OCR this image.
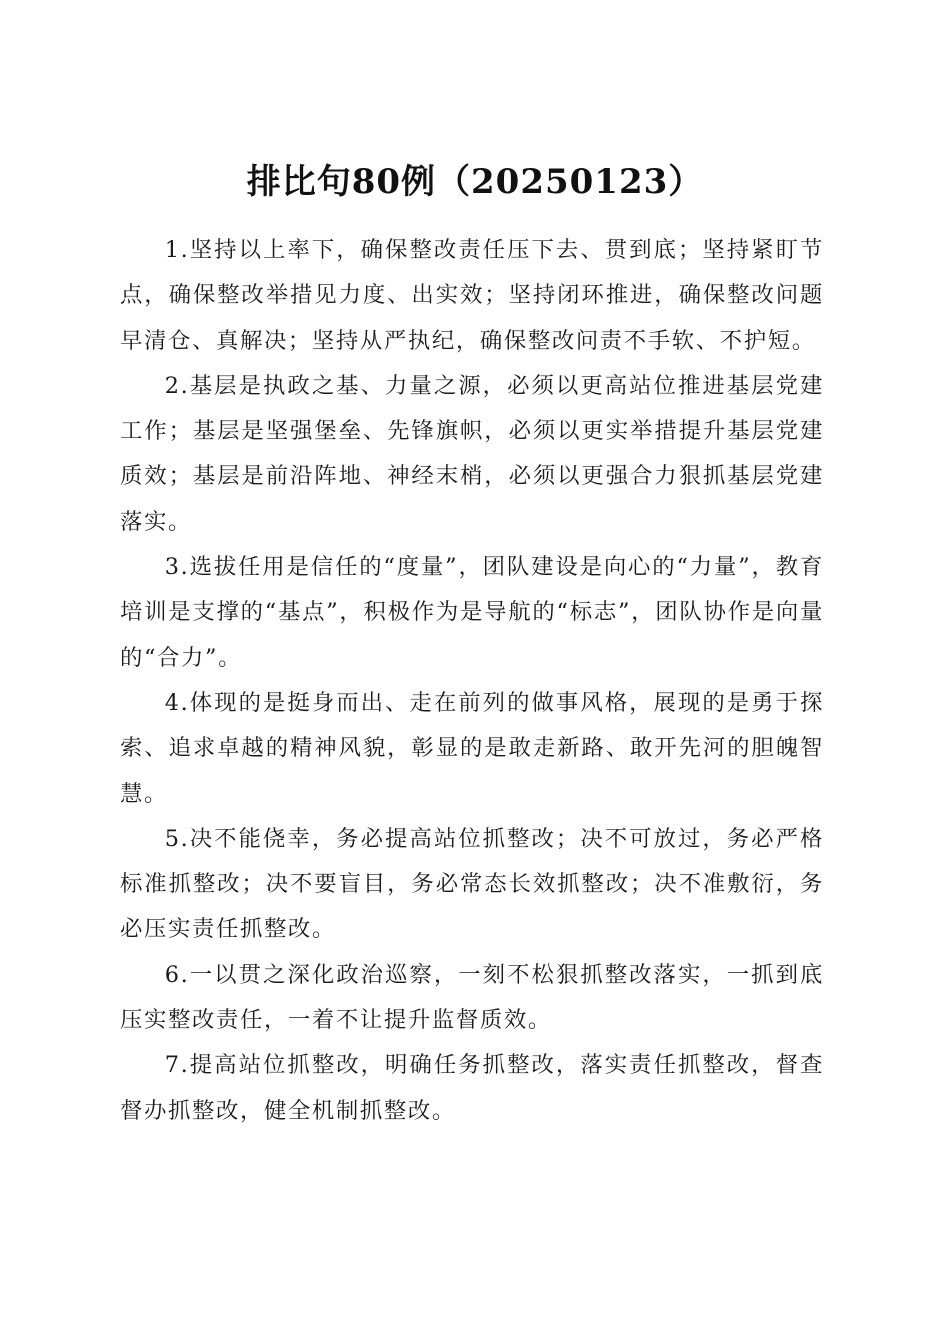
排比句80例（20250123）

1.坚持以上率下，确保整改责任压下去、贯到底；坚持紧盯节点，确保整改举措见力度、出实效；坚持闭环推进，确保整改问题早清仓、真解决；坚持从严执纪，确保整改问责不手软、不护短。

2.基层是执政之基、力量之源，必须以更高站位推进基层党建工作；基层是坚强堡垒、先锋旗帜，必须以更实举措提升基层党建质效；基层是前沿阵地、神经末梢，必须以更强合力狠抓基层党建落实。

3.选拔任用是信任的“度量”，团队建设是向心的“力量”，教育培训是支撑的“基点”，积极作为是导航的“标志”，团队协作是向量的“合力”。

4.体现的是挺身而出、走在前列的做事风格，展现的是勇于探索、追求卓越的精神风貌，彰显的是敢走新路、敢开先河的胆魄智慧。

5.决不能侥幸，务必提高站位抓整改；决不可放过，务必严格标准抓整改；决不要盲目，务必常态长效抓整改；决不准敷衍，务必压实责任抓整改。

6.一以贯之深化政治巡察，一刻不松狠抓整改落实，一抓到底压实整改责任，一着不让提升监督质效。

7.提高站位抓整改，明确任务抓整改，落实责任抓整改，督查督办抓整改，健全机制抓整改。
